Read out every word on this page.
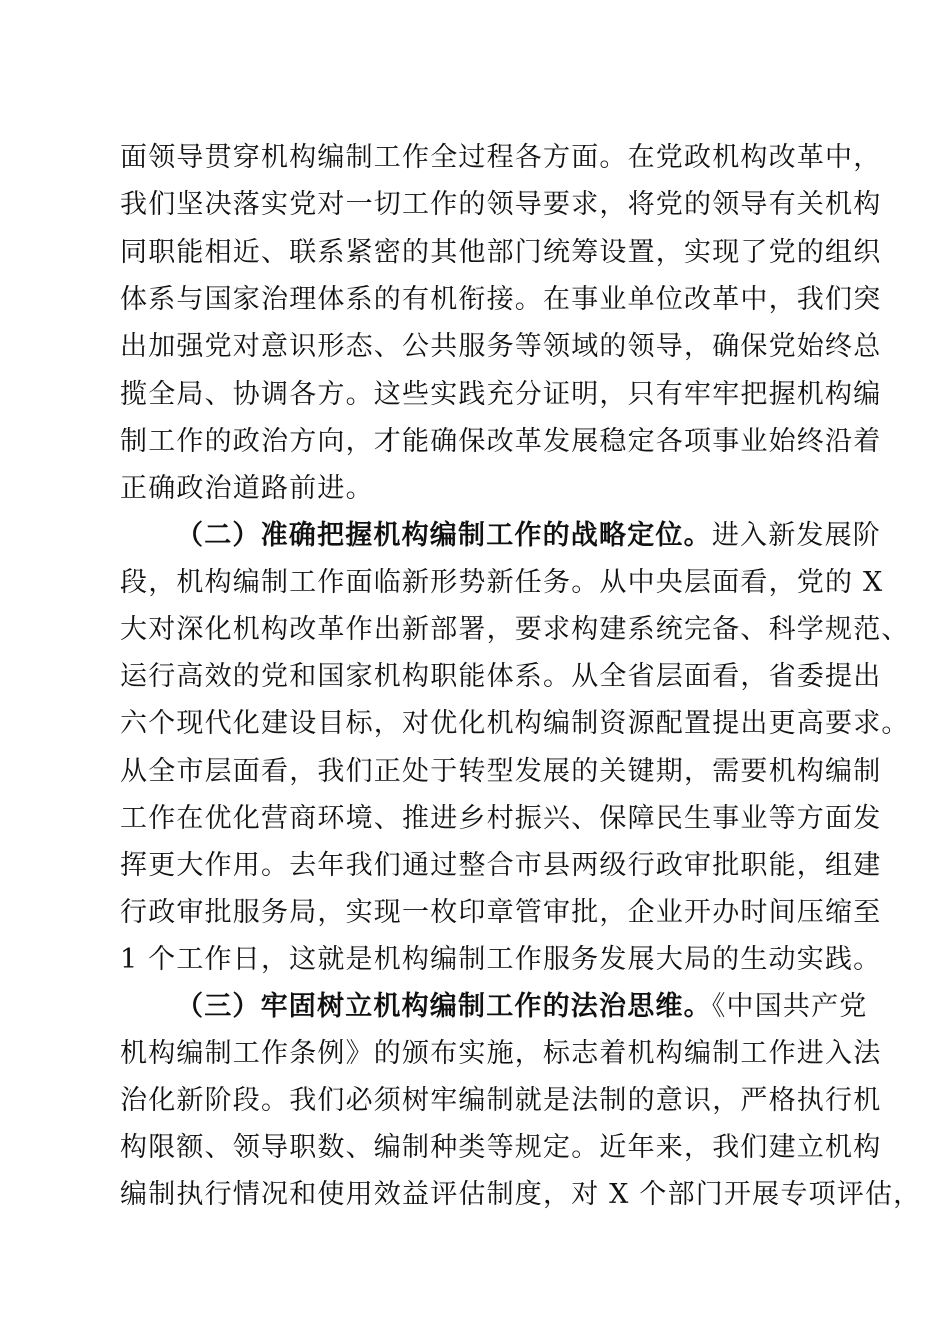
面领导贯穿机构编制工作全过程各方面。在党政机构改革中，
我们坚决落实党对一切工作的领导要求，将党的领导有关机构
同职能相近、联系紧密的其他部门统筹设置，实现了党的组织
体系与国家治理体系的有机衔接。在事业单位改革中，我们突
出加强党对意识形态、公共服务等领域的领导，确保党始终总
揽全局、协调各方。这些实践充分证明，只有牢牢把握机构编
制工作的政治方向，才能确保改革发展稳定各项事业始终沿着
正确政治道路前进。
（二）准确把握机构编制工作的战略定位。进入新发展阶
段，机构编制工作面临新形势新任务。从中央层面看，党的 X
大对深化机构改革作出新部署，要求构建系统完备、科学规范、
运行高效的党和国家机构职能体系。从全省层面看，省委提出
六个现代化建设目标，对优化机构编制资源配置提出更高要求。
从全市层面看，我们正处于转型发展的关键期，需要机构编制
工作在优化营商环境、推进乡村振兴、保障民生事业等方面发
挥更大作用。去年我们通过整合市县两级行政审批职能，组建
行政审批服务局，实现一枚印章管审批，企业开办时间压缩至
1 个工作日，这就是机构编制工作服务发展大局的生动实践。
（三）牢固树立机构编制工作的法治思维。《中国共产党
机构编制工作条例》的颁布实施，标志着机构编制工作进入法
治化新阶段。我们必须树牢编制就是法制的意识，严格执行机
构限额、领导职数、编制种类等规定。近年来，我们建立机构
编制执行情况和使用效益评估制度，对 X 个部门开展专项评估，
